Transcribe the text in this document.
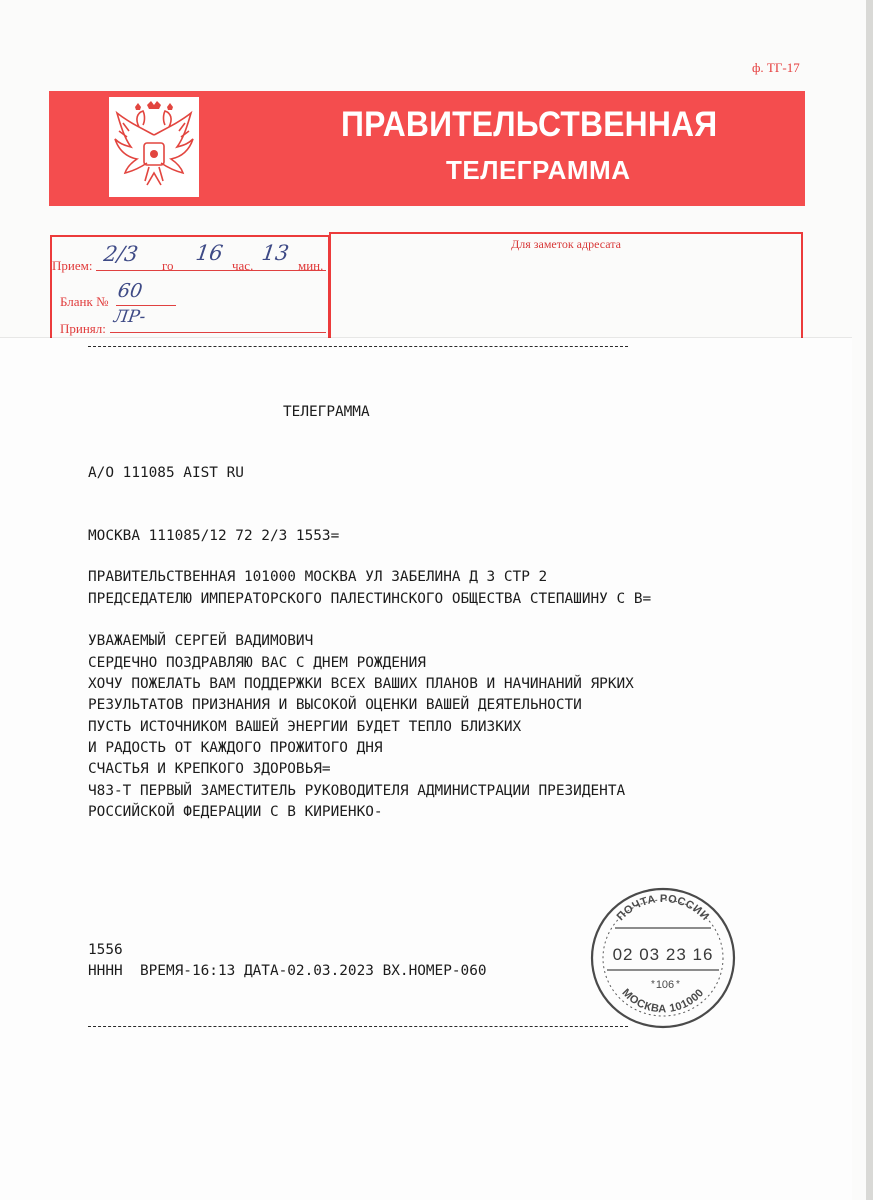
ф. ТГ-17
ПРАВИТЕЛЬСТВЕННАЯ
ТЕЛЕГРАММА
Прием: 2/3 го
16
час.
13
мин.
Бланк № 60
Принял:
ЛР-
Для заметок адресата
ТЕЛЕГРАММА
A/O 111085 AIST RU
МОСКВА 111085/12 72 2/3 1553=
ПРАВИТЕЛЬСТВЕННАЯ 101000 МОСКВА УЛ ЗАБЕЛИНА Д 3 СТР 2
ПРЕДСЕДАТЕЛЮ ИМПЕРАТОРСКОГО ПАЛЕСТИНСКОГО ОБЩЕСТВА СТЕПАШИНУ С В=
УВАЖАЕМЫЙ СЕРГЕЙ ВАДИМОВИЧ
СЕРДЕЧНО ПОЗДРАВЛЯЮ ВАС С ДНЕМ РОЖДЕНИЯ
ХОЧУ ПОЖЕЛАТЬ ВАМ ПОДДЕРЖКИ ВСЕХ ВАШИХ ПЛАНОВ И НАЧИНАНИЙ ЯРКИХ
РЕЗУЛЬТАТОВ ПРИЗНАНИЯ И ВЫСОКОЙ ОЦЕНКИ ВАШЕЙ ДЕЯТЕЛЬНОСТИ
ПУСТЬ ИСТОЧНИКОМ ВАШЕЙ ЭНЕРГИИ БУДЕТ ТЕПЛО БЛИЗКИХ
И РАДОСТЬ ОТ КАЖДОГО ПРОЖИТОГО ДНЯ
СЧАСТЬЯ И КРЕПКОГО ЗДОРОВЬЯ=
Ч83-Т ПЕРВЫЙ ЗАМЕСТИТЕЛЬ РУКОВОДИТЕЛЯ АДМИНИСТРАЦИИ ПРЕЗИДЕНТА
РОССИЙСКОЙ ФЕДЕРАЦИИ С В КИРИЕНКО-
1556
НННН  ВРЕМЯ-16:13 ДАТА-02.03.2023 ВХ.НОМЕР-060
ПОЧТА РОССИИ
02 03 23 16
* 106 *
МОСКВА 101000
